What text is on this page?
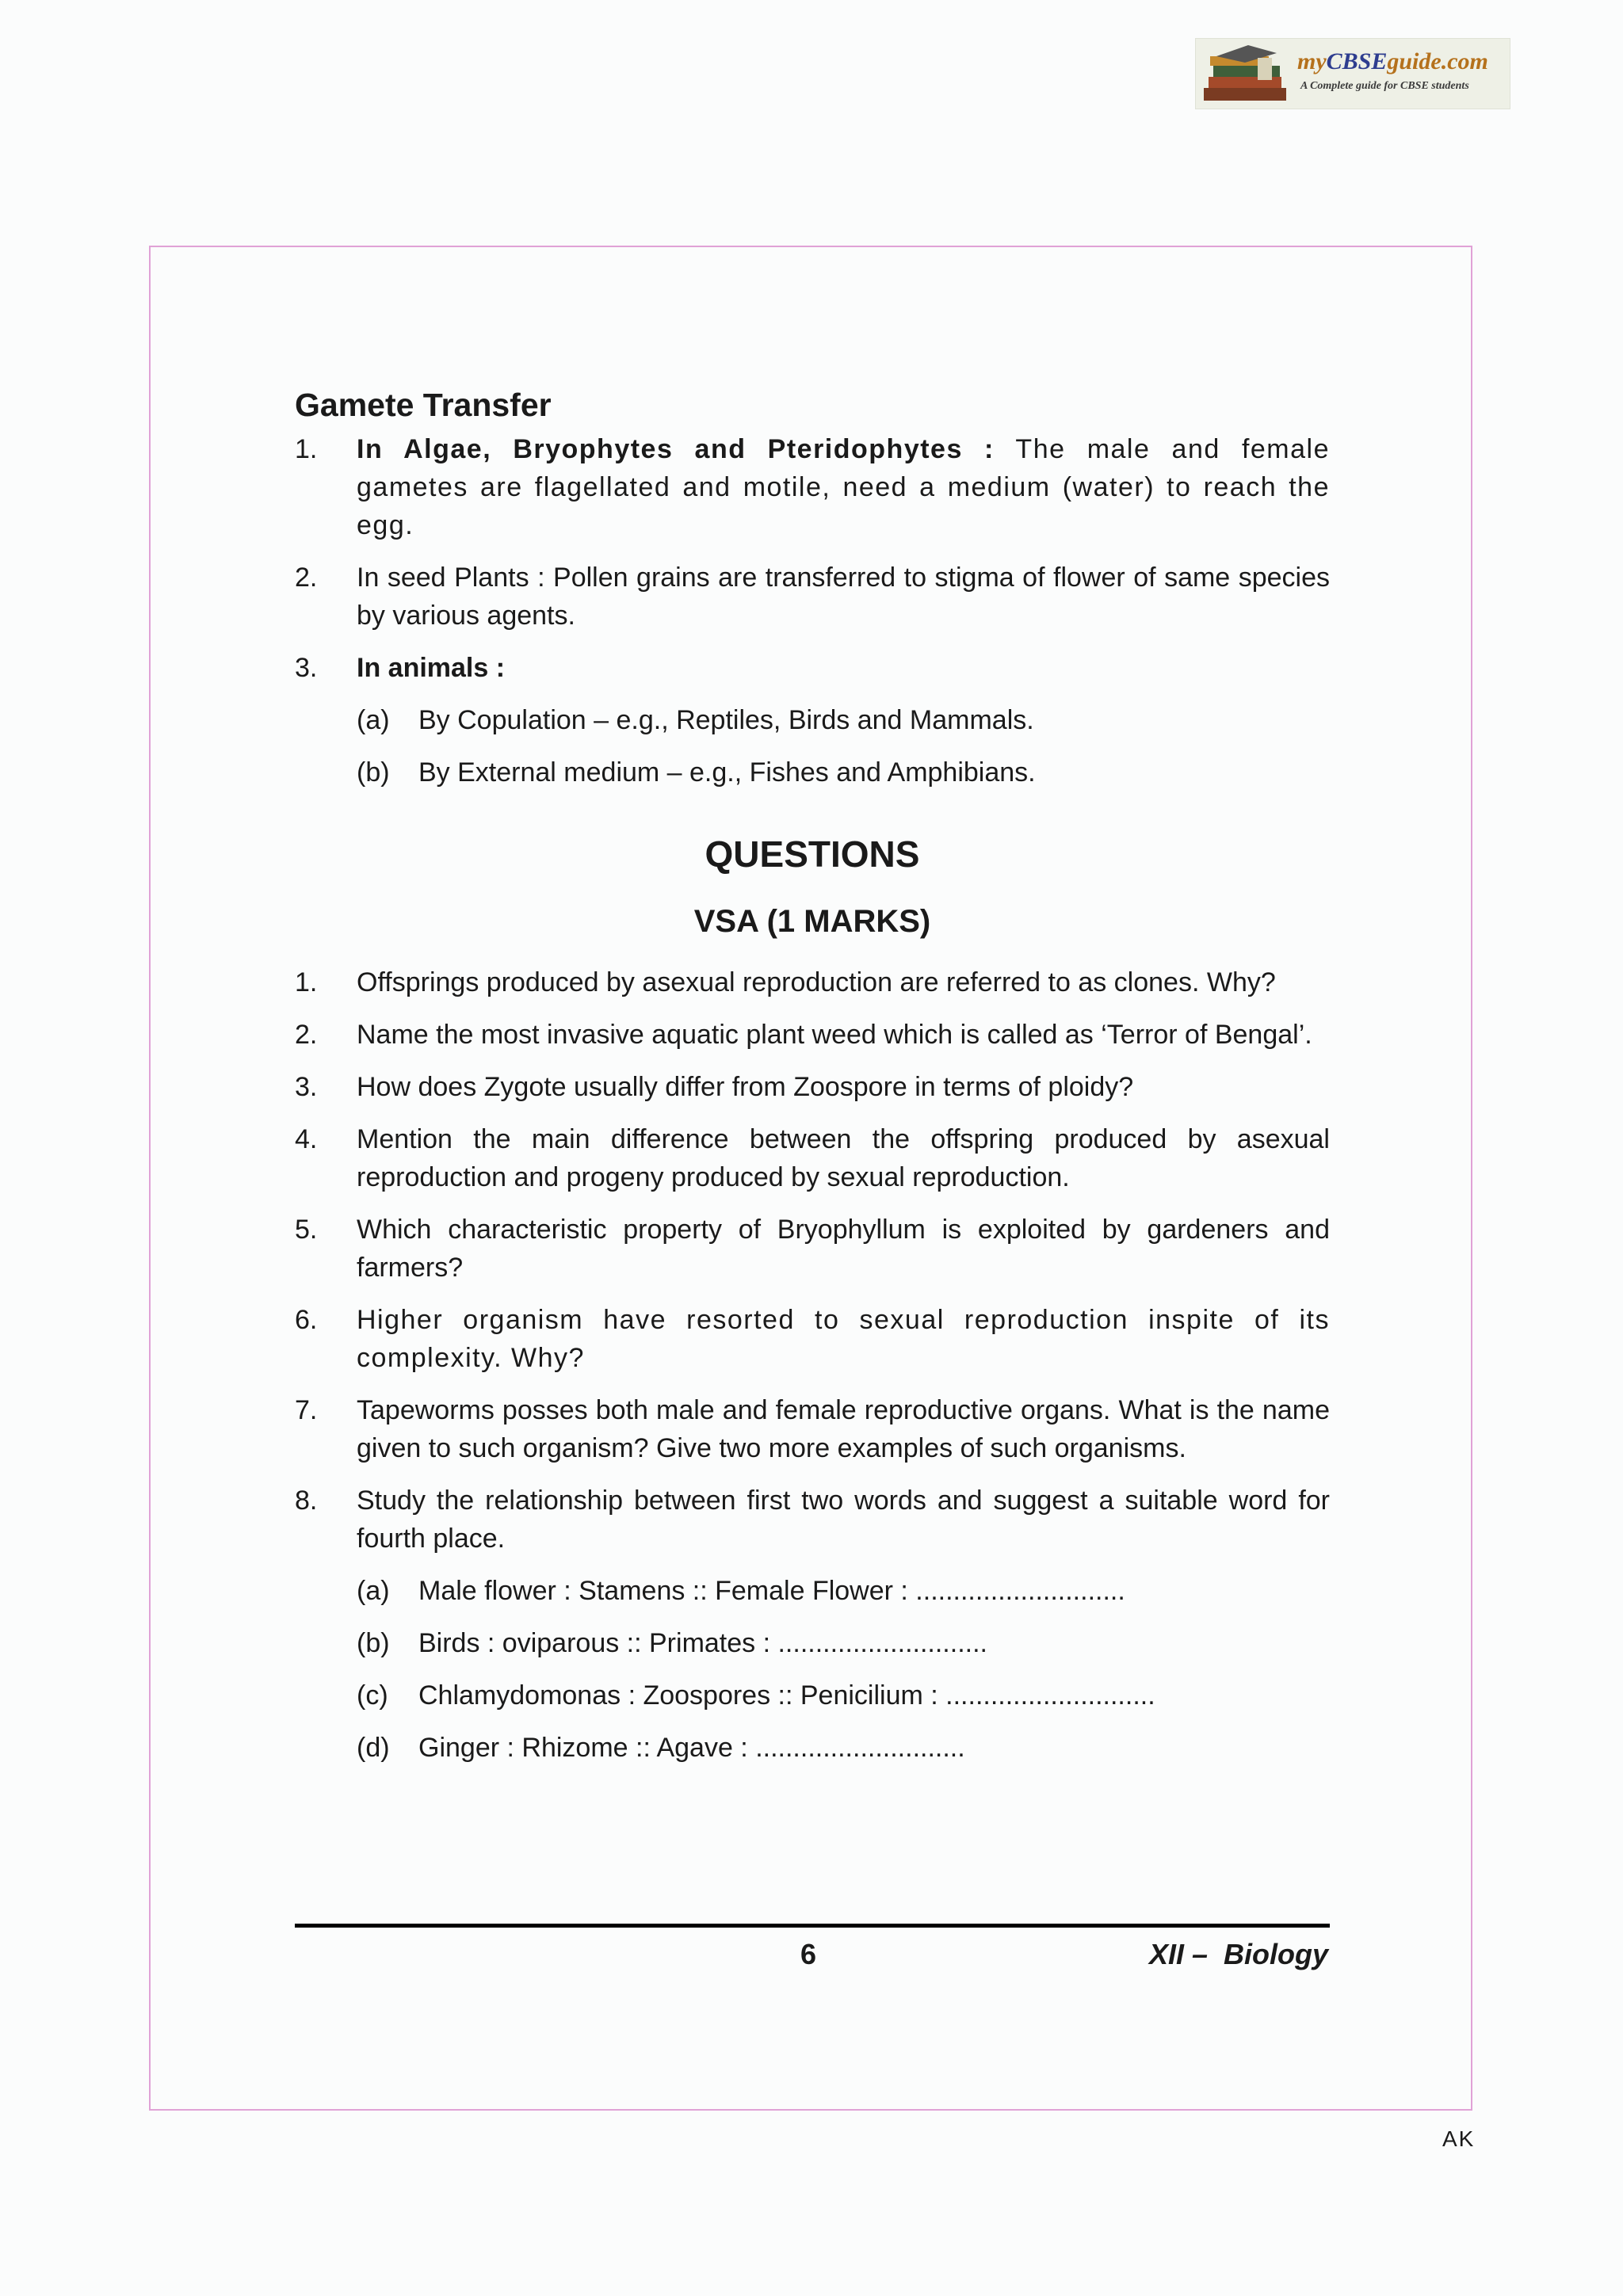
myCBSEguide.com
A Complete guide for CBSE students

Gamete Transfer

1.	In Algae, Bryophytes and Pteridophytes : The male and female gametes are flagellated and motile, need a medium (water) to reach the egg.

2.	In seed Plants : Pollen grains are transferred to stigma of flower of same species by various agents.

3.	In animals :

(a)	By Copulation – e.g., Reptiles, Birds and Mammals.

(b)	By External medium – e.g., Fishes and Amphibians.

QUESTIONS

VSA (1 MARKS)

1.	Offsprings produced by asexual reproduction are referred to as clones. Why?

2.	Name the most invasive aquatic plant weed which is called as ‘Terror of Bengal’.

3.	How does Zygote usually differ from Zoospore in terms of ploidy?

4.	Mention the main difference between the offspring produced by asexual reproduction and progeny produced by sexual reproduction.

5.	Which characteristic property of Bryophyllum is exploited by gardeners and farmers?

6.	Higher organism have resorted to sexual reproduction inspite of its complexity. Why?

7.	Tapeworms posses both male and female reproductive organs. What is the name given to such organism? Give two more examples of such organisms.

8.	Study the relationship between first two words and suggest a suitable word for fourth place.

(a)	Male flower : Stamens :: Female Flower : ............................

(b)	Birds : oviparous :: Primates : ............................

(c)	Chlamydomonas : Zoospores :: Penicilium : ............................

(d)	Ginger : Rhizome :: Agave : ............................

6	XII –  Biology
AK
